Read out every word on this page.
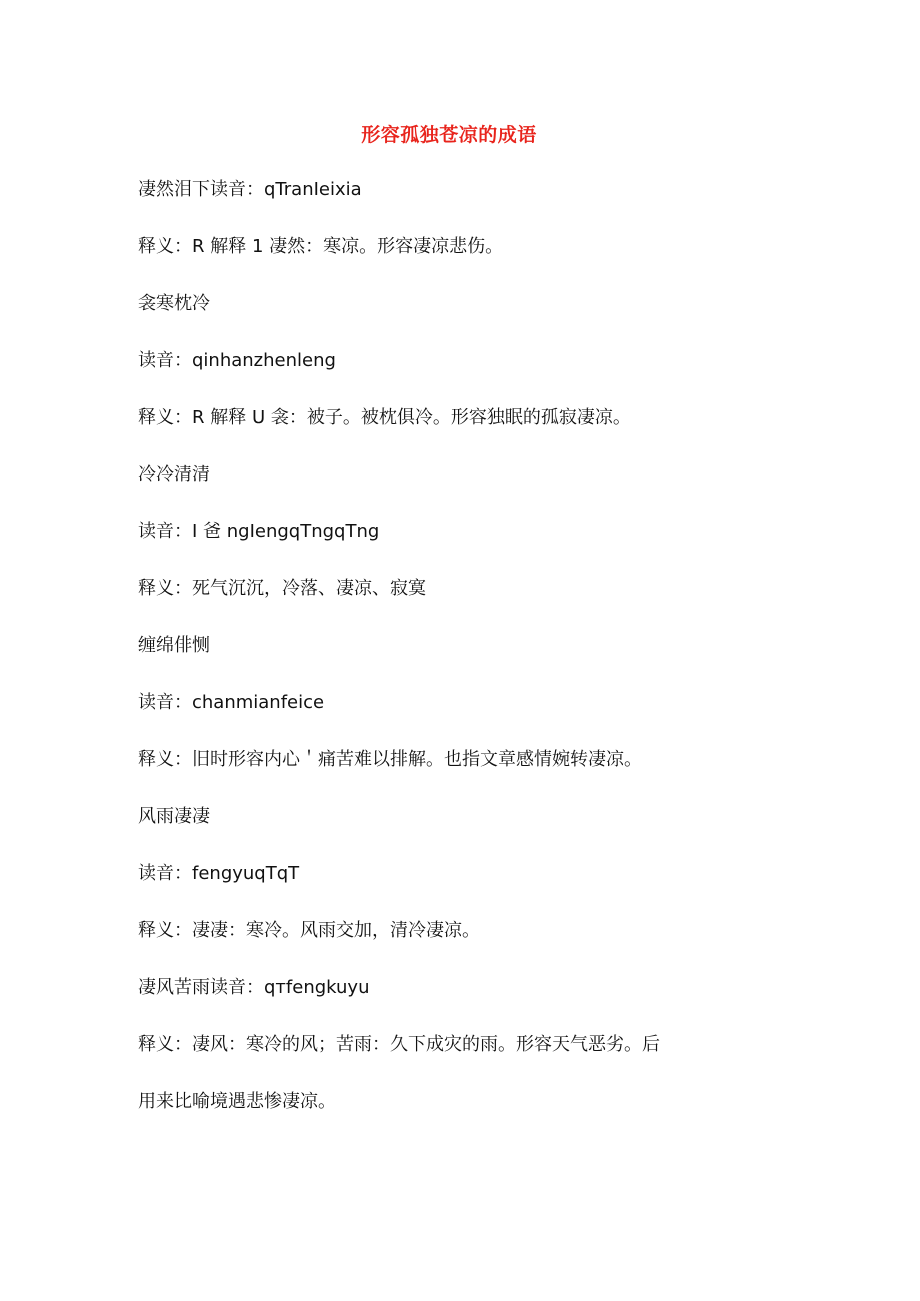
形容孤独苍凉的成语
凄然泪下读音：qTranIeixia
释义：R 解释 1 凄然：寒凉。形容凄凉悲伤。
衾寒枕冷
读音：qinhanzhenleng
释义：R 解释 U 衾：被子。被枕俱冷。形容独眠的孤寂凄凉。
冷冷清清
读音：I 爸 ngIengqTngqTng
释义：死气沉沉，冷落、凄凉、寂寞
缠绵俳恻
读音：chanmianfeice
释义：旧时形容内心＇痛苦难以排解。也指文章感情婉转凄凉。
风雨凄凄
读音：fengyuqTqT
释义：凄凄：寒冷。风雨交加，清冷凄凉。
凄风苦雨读音：qтfengkuyu
释义：凄风：寒冷的风；苦雨：久下成灾的雨。形容天气恶劣。后
用来比喻境遇悲惨凄凉。
